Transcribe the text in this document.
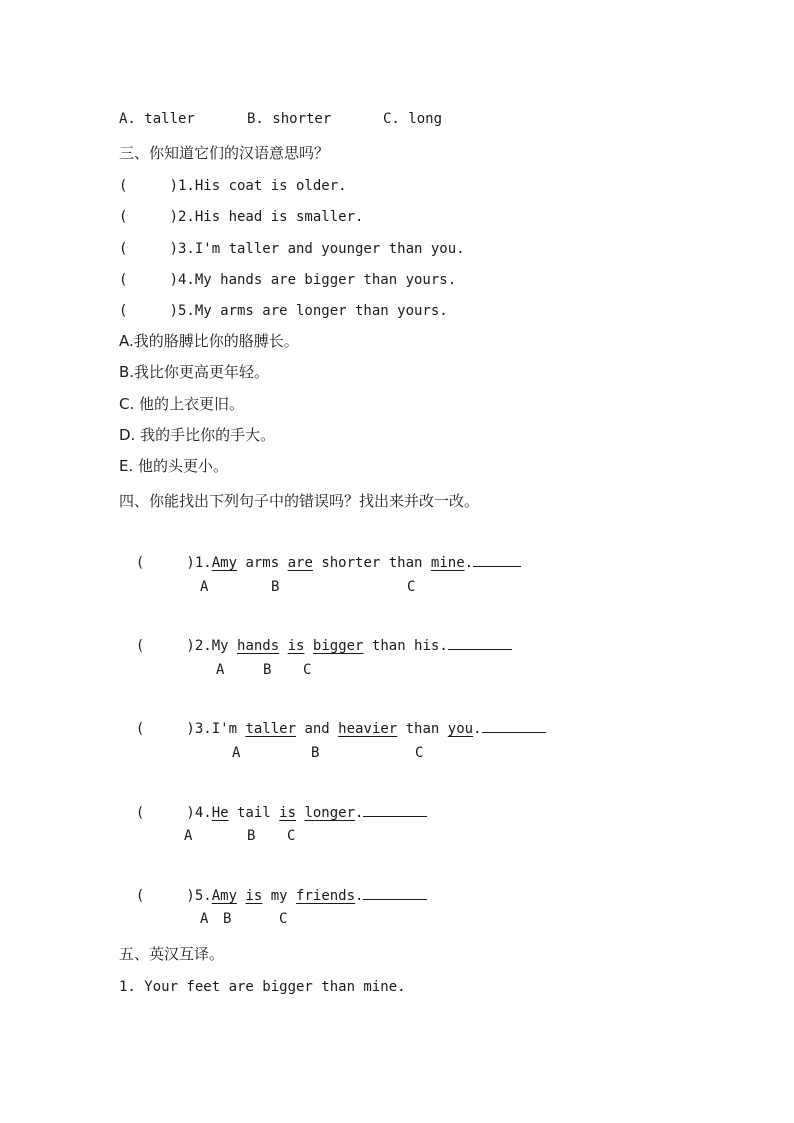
A. taller	B. shorter	C. long
三、你知道它们的汉语意思吗？
(     )1.His coat is older.
(     )2.His head is smaller.
(     )3.I'm taller and younger than you.
(     )4.My hands are bigger than yours.
(     )5.My arms are longer than yours.
A.我的胳膊比你的胳膊长。
B.我比你更高更年轻。
C. 他的上衣更旧。
D. 我的手比你的手大。
E. 他的头更小。
四、你能找出下列句子中的错误吗？找出来并改一改。

(     )1.Amy arms are shorter than mine.

A	B	C

(     )2.My hands is bigger than his.

A	B C

(     )3.I'm taller and heavier than you.

A	B	C

(     )4.He tail is longer.

A	B C

(     )5.Amy is my friends.

A B	C
五、英汉互译。
1. Your feet are bigger than mine.
